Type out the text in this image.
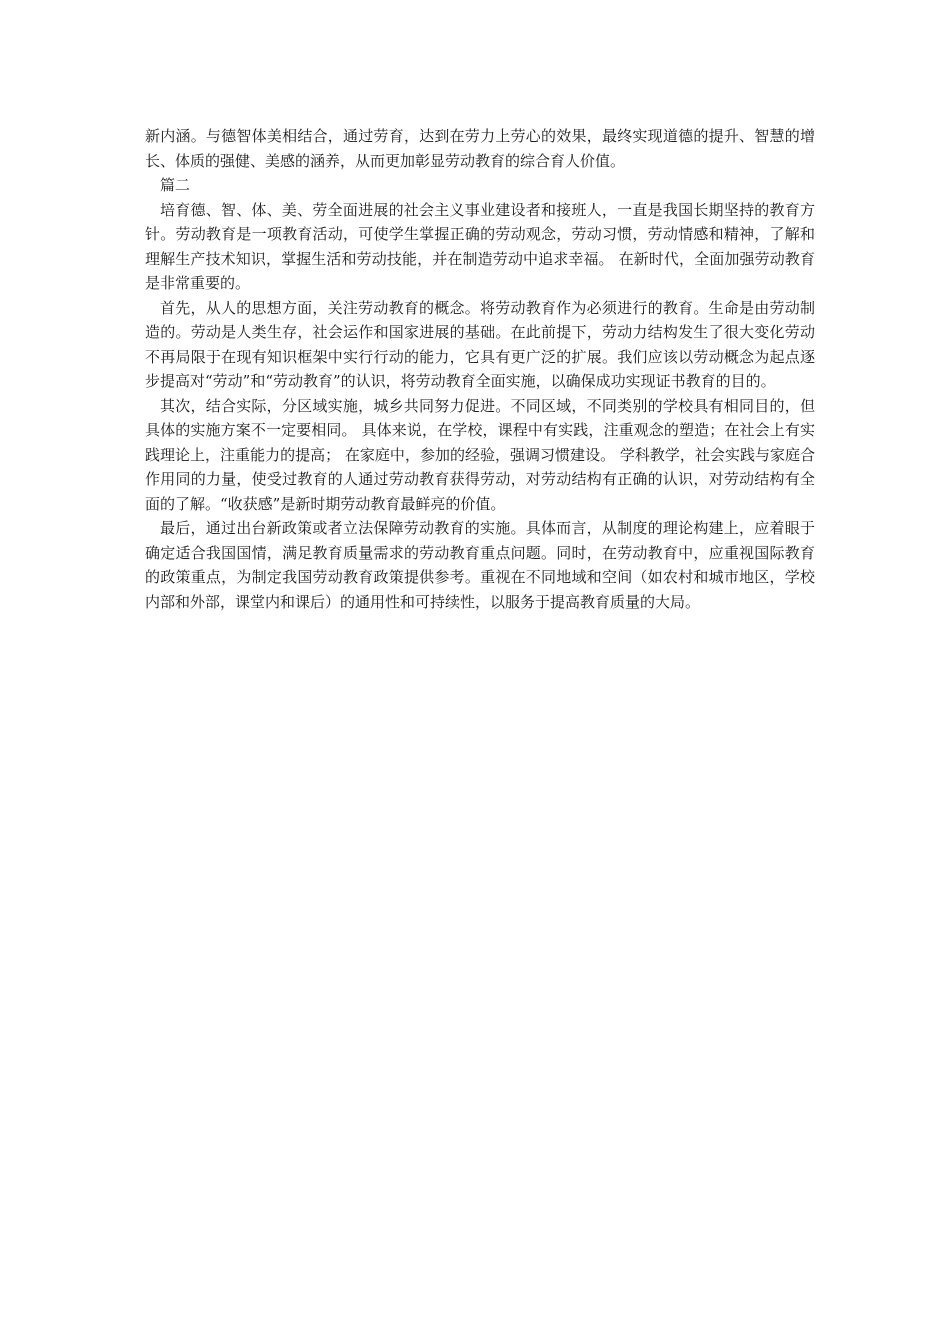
新内涵。与德智体美相结合，通过劳育，达到在劳力上劳心的效果，最终实现道德的提升、智慧的增长、体质的强健、美感的涵养，从而更加彰显劳动教育的综合育人价值。

篇二

培育德、智、体、美、劳全面进展的社会主义事业建设者和接班人，一直是我国长期坚持的教育方针。劳动教育是一项教育活动，可使学生掌握正确的劳动观念，劳动习惯，劳动情感和精神，了解和理解生产技术知识，掌握生活和劳动技能，并在制造劳动中追求幸福。 在新时代，全面加强劳动教育是非常重要的。

首先，从人的思想方面，关注劳动教育的概念。将劳动教育作为必须进行的教育。生命是由劳动制造的。劳动是人类生存，社会运作和国家进展的基础。在此前提下，劳动力结构发生了很大变化劳动不再局限于在现有知识框架中实行行动的能力，它具有更广泛的扩展。我们应该以劳动概念为起点逐步提高对“劳动”和“劳动教育”的认识，将劳动教育全面实施，以确保成功实现证书教育的目的。

其次，结合实际，分区域实施，城乡共同努力促进。不同区域，不同类别的学校具有相同目的，但具体的实施方案不一定要相同。 具体来说，在学校，课程中有实践，注重观念的塑造；在社会上有实践理论上，注重能力的提高； 在家庭中，参加的经验，强调习惯建设。 学科教学，社会实践与家庭合作用同的力量，使受过教育的人通过劳动教育获得劳动，对劳动结构有正确的认识，对劳动结构有全面的了解。“收获感”是新时期劳动教育最鲜亮的价值。

最后，通过出台新政策或者立法保障劳动教育的实施。具体而言，从制度的理论构建上，应着眼于确定适合我国国情，满足教育质量需求的劳动教育重点问题。同时，在劳动教育中，应重视国际教育的政策重点，为制定我国劳动教育政策提供参考。重视在不同地域和空间（如农村和城市地区，学校内部和外部，课堂内和课后）的通用性和可持续性，以服务于提高教育质量的大局。
